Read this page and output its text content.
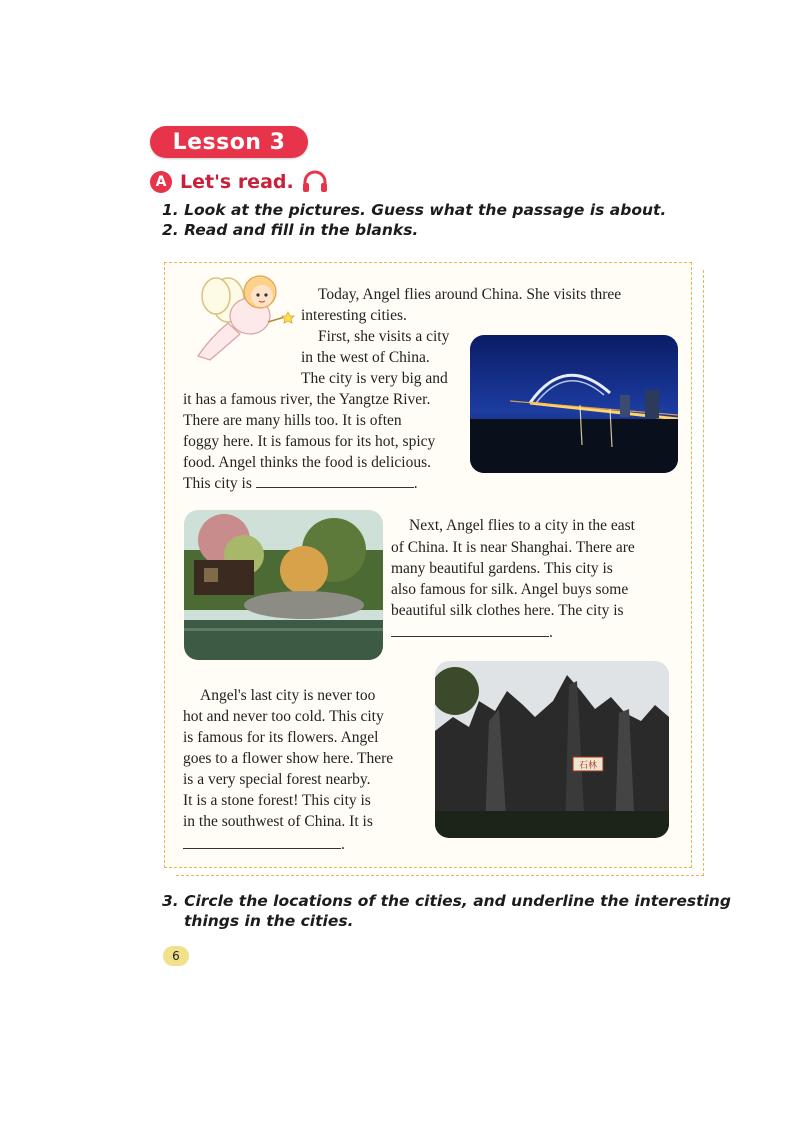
Lesson 3
A Let's read.
1. Look at the pictures. Guess what the passage is about.
2. Read and fill in the blanks.
Today, Angel flies around China. She visits three
interesting cities.
First, she visits a city
in the west of China.
The city is very big and
it has a famous river, the Yangtze River.
There are many hills too. It is often
foggy here. It is famous for its hot, spicy
food. Angel thinks the food is delicious.
This city is	.
Next, Angel flies to a city in the east
of China. It is near Shanghai. There are
many beautiful gardens. This city is
also famous for silk. Angel buys some
beautiful silk clothes here. The city is
.
石林
Angel's last city is never too
hot and never too cold. This city
is famous for its flowers. Angel
goes to a flower show here. There
is a very special forest nearby.
It is a stone forest! This city is
in the southwest of China. It is
.
3. Circle the locations of the cities, and underline the interesting
things in the cities.
6
